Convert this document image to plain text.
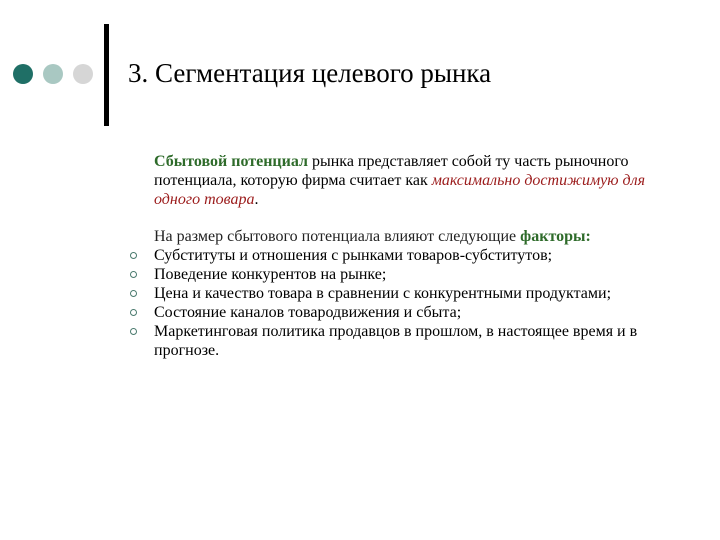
3. Сегментация целевого рынка

Сбытовой потенциал рынка представляет собой ту часть рыночного потенциала, которую фирма считает как максимально достижимую для одного товара.

На размер сбытового потенциала влияют следующие факторы:

Субституты и отношения с рынками товаров-субститутов;
Поведение конкурентов на рынке;
Цена и качество товара в сравнении с конкурентными продуктами;
Состояние каналов товародвижения и сбыта;
Маркетинговая политика продавцов в прошлом, в настоящее время и в прогнозе.
